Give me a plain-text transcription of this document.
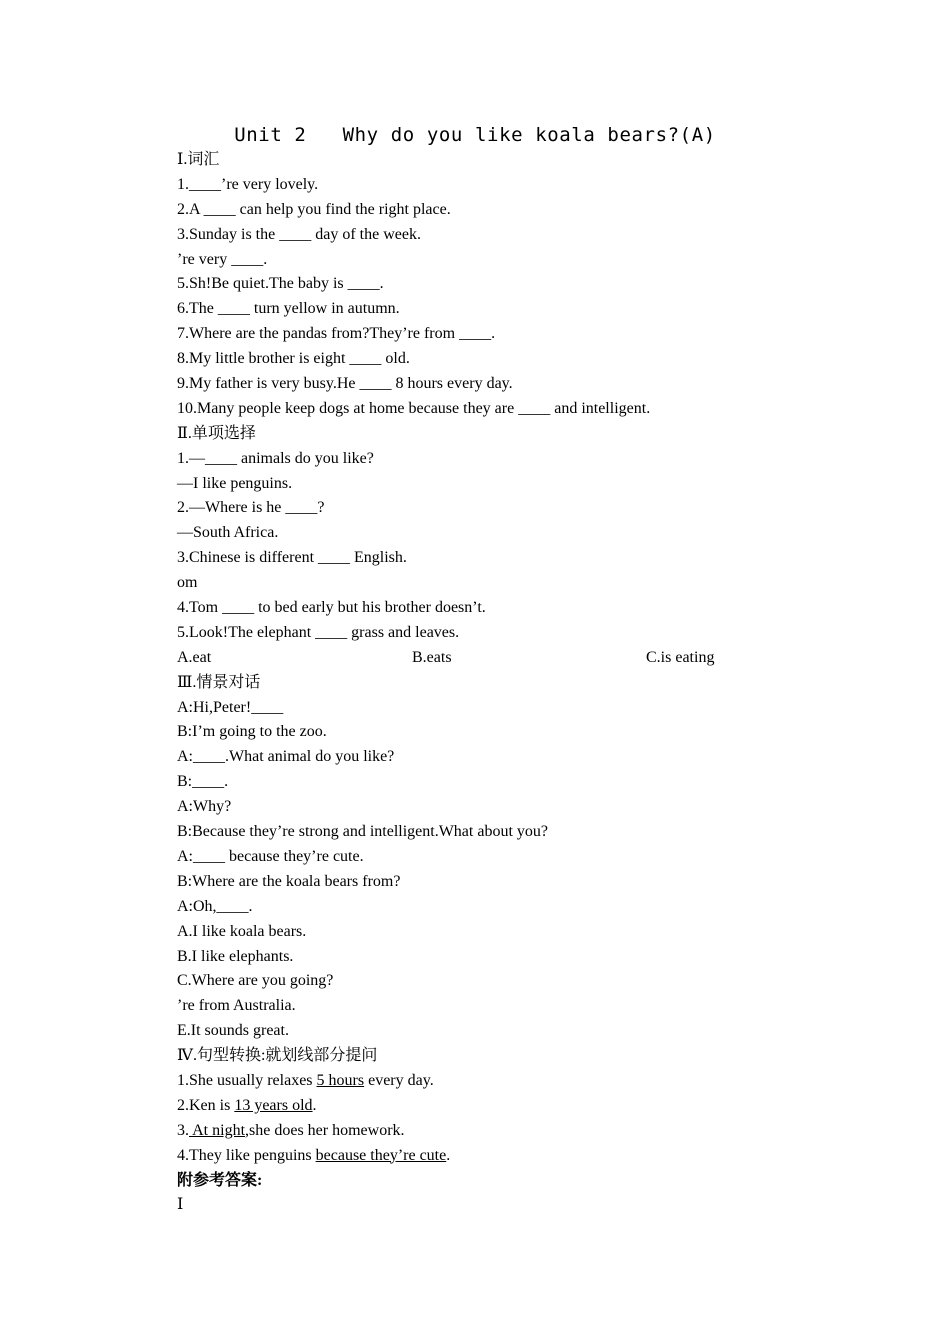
Unit 2   Why do you like koala bears?(A)
Ⅰ.词汇
1.____’re very lovely.
2.A ____ can help you find the right place.
3.Sunday is the ____ day of the week.
’re very ____.
5.Sh!Be quiet.The baby is ____.
6.The ____ turn yellow in autumn.
7.Where are the pandas from?They’re from ____.
8.My little brother is eight ____ old.
9.My father is very busy.He ____ 8 hours every day.
10.Many people keep dogs at home because they are ____ and intelligent.
Ⅱ.单项选择
1.—____ animals do you like?
—I like penguins.
2.—Where is he ____?
—South Africa.
3.Chinese is different ____ English.
om
4.Tom ____ to bed early but his brother doesn’t.
5.Look!The elephant ____ grass and leaves.

A.eat

	B.eats

	C.is eating

Ⅲ.情景对话
A:Hi,Peter!____
B:I’m going to the zoo.
A:____.What animal do you like?
B:____.
A:Why?
B:Because they’re strong and intelligent.What about you?
A:____ because they’re cute.
B:Where are the koala bears from?
A:Oh,____.
A.I like koala bears.
B.I like elephants.
C.Where are you going?
’re from Australia.
E.It sounds great.
Ⅳ.句型转换:就划线部分提问
1.She usually relaxes 5 hours every day.
2.Ken is 13 years old.
3. At night,she does her homework.
4.They like penguins because they’re cute.
附参考答案:
Ⅰ
